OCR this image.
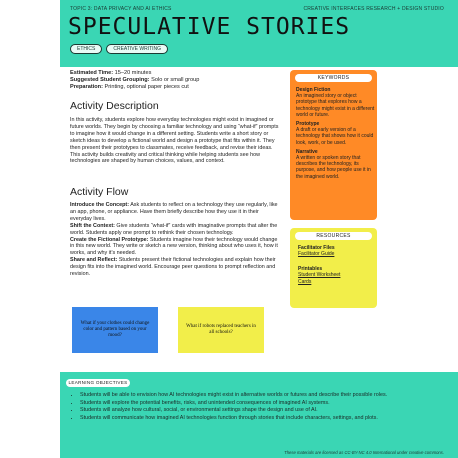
TOPIC 3: DATA PRIVACY AND AI ETHICS	CREATIVE INTERFACES RESEARCH + DESIGN STUDIO
SPECULATIVE STORIES
ETHICS	CREATIVE WRITING
Estimated Time: 15–20 minutes
Suggested Student Grouping: Solo or small group
Preparation: Printing, optional paper pieces cut
Activity Description
In this activity, students explore how everyday technologies might exist in imagined or future worlds. They begin by choosing a familiar technology and using “what-if” prompts to imagine how it would change in a different setting. Students write a short story or sketch ideas to develop a fictional world and design a prototype that fits within it. They then present their prototypes to classmates, receive feedback, and revise their ideas. This activity builds creativity and critical thinking while helping students see how technologies are shaped by human choices, values, and context.
Activity Flow
Introduce the Concept: Ask students to reflect on a technology they use regularly, like an app, phone, or appliance. Have them briefly describe how they use it in their everyday lives.
Shift the Context: Give students “what-if” cards with imaginative prompts that alter the world. Students apply one prompt to rethink their chosen technology.
Create the Fictional Prototype: Students imagine how their technology would change in this new world. They write or sketch a new version, thinking about who uses it, how it works, and why it’s needed.
Share and Reflect: Students present their fictional technologies and explain how their design fits into the imagined world. Encourage peer questions to prompt reflection and revision.
What if your clothes could change color and pattern based on your mood?
What if robots replaced teachers in all schools?
KEYWORDS
Design Fiction
An imagined story or object prototype that explores how a technology might exist in a different world or future.
Prototype
A draft or early version of a technology that shows how it could look, work, or be used.
Narrative
A written or spoken story that describes the technology, its purpose, and how people use it in the imagined world.
RESOURCES
Facilitator Files
Facilitator Guide
Printables
Student Worksheet
Cards
LEARNING OBJECTIVES
• Students will be able to envision how AI technologies might exist in alternative worlds or futures and describe their possible roles.
• Students will explore the potential benefits, risks, and unintended consequences of imagined AI systems.
• Students will analyze how cultural, social, or environmental settings shape the design and use of AI.
• Students will communicate how imagined AI technologies function through stories that include characters, settings, and plots.
These materials are licensed as CC-BY-NC 4.0 International under creative commons.
